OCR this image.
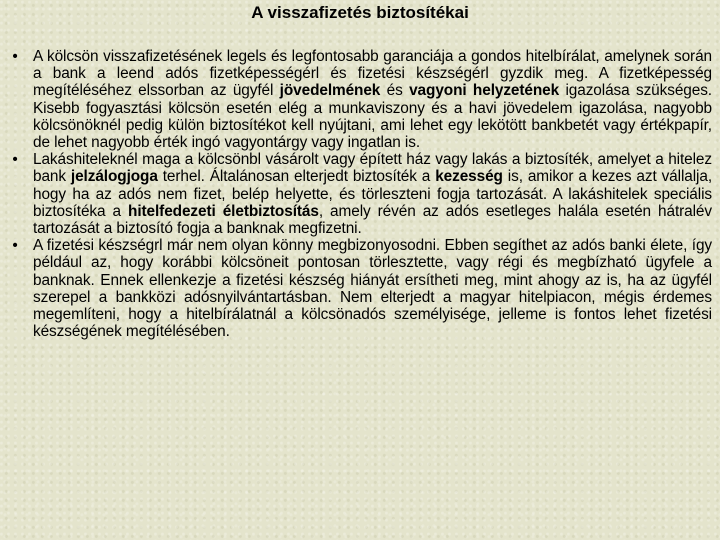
A visszafizetés biztosítékai
• A kölcsön visszafizetésének legels és legfontosabb garanciája a gondos hitelbírálat, amelynek során a bank a leend adós fizetképességérl és fizetési készségérl gyzdik meg. A fizetképesség megítéléséhez elssorban az ügyfél jövedelmének és vagyoni helyzetének igazolása szükséges. Kisebb fogyasztási kölcsön esetén elég a munkaviszony és a havi jövedelem igazolása, nagyobb kölcsönöknél pedig külön biztosítékot kell nyújtani, ami lehet egy lekötött bankbetét vagy értékpapír, de lehet nagyobb érték ingó vagyontárgy vagy ingatlan is.
• Lakáshiteleknél maga a kölcsönbl vásárolt vagy épített ház vagy lakás a biztosíték, amelyet a hitelez bank jelzálogjoga terhel. Általánosan elterjedt biztosíték a kezesség is, amikor a kezes azt vállalja, hogy ha az adós nem fizet, belép helyette, és törleszteni fogja tartozását. A lakáshitelek speciális biztosítéka a hitelfedezeti életbiztosítás, amely révén az adós esetleges halála esetén hátralév tartozását a biztosító fogja a banknak megfizetni.
• A fizetési készségrl már nem olyan könny megbizonyosodni. Ebben segíthet az adós banki élete, így például az, hogy korábbi kölcsöneit pontosan törlesztette, vagy régi és megbízható ügyfele a banknak. Ennek ellenkezje a fizetési készség hiányát ersítheti meg, mint ahogy az is, ha az ügyfél szerepel a bankközi adósnyilvántartásban. Nem elterjedt a magyar hitelpiacon, mégis érdemes megemlíteni, hogy a hitelbírálatnál a kölcsönadós személyisége, jelleme is fontos lehet fizetési készségének megítélésében.
